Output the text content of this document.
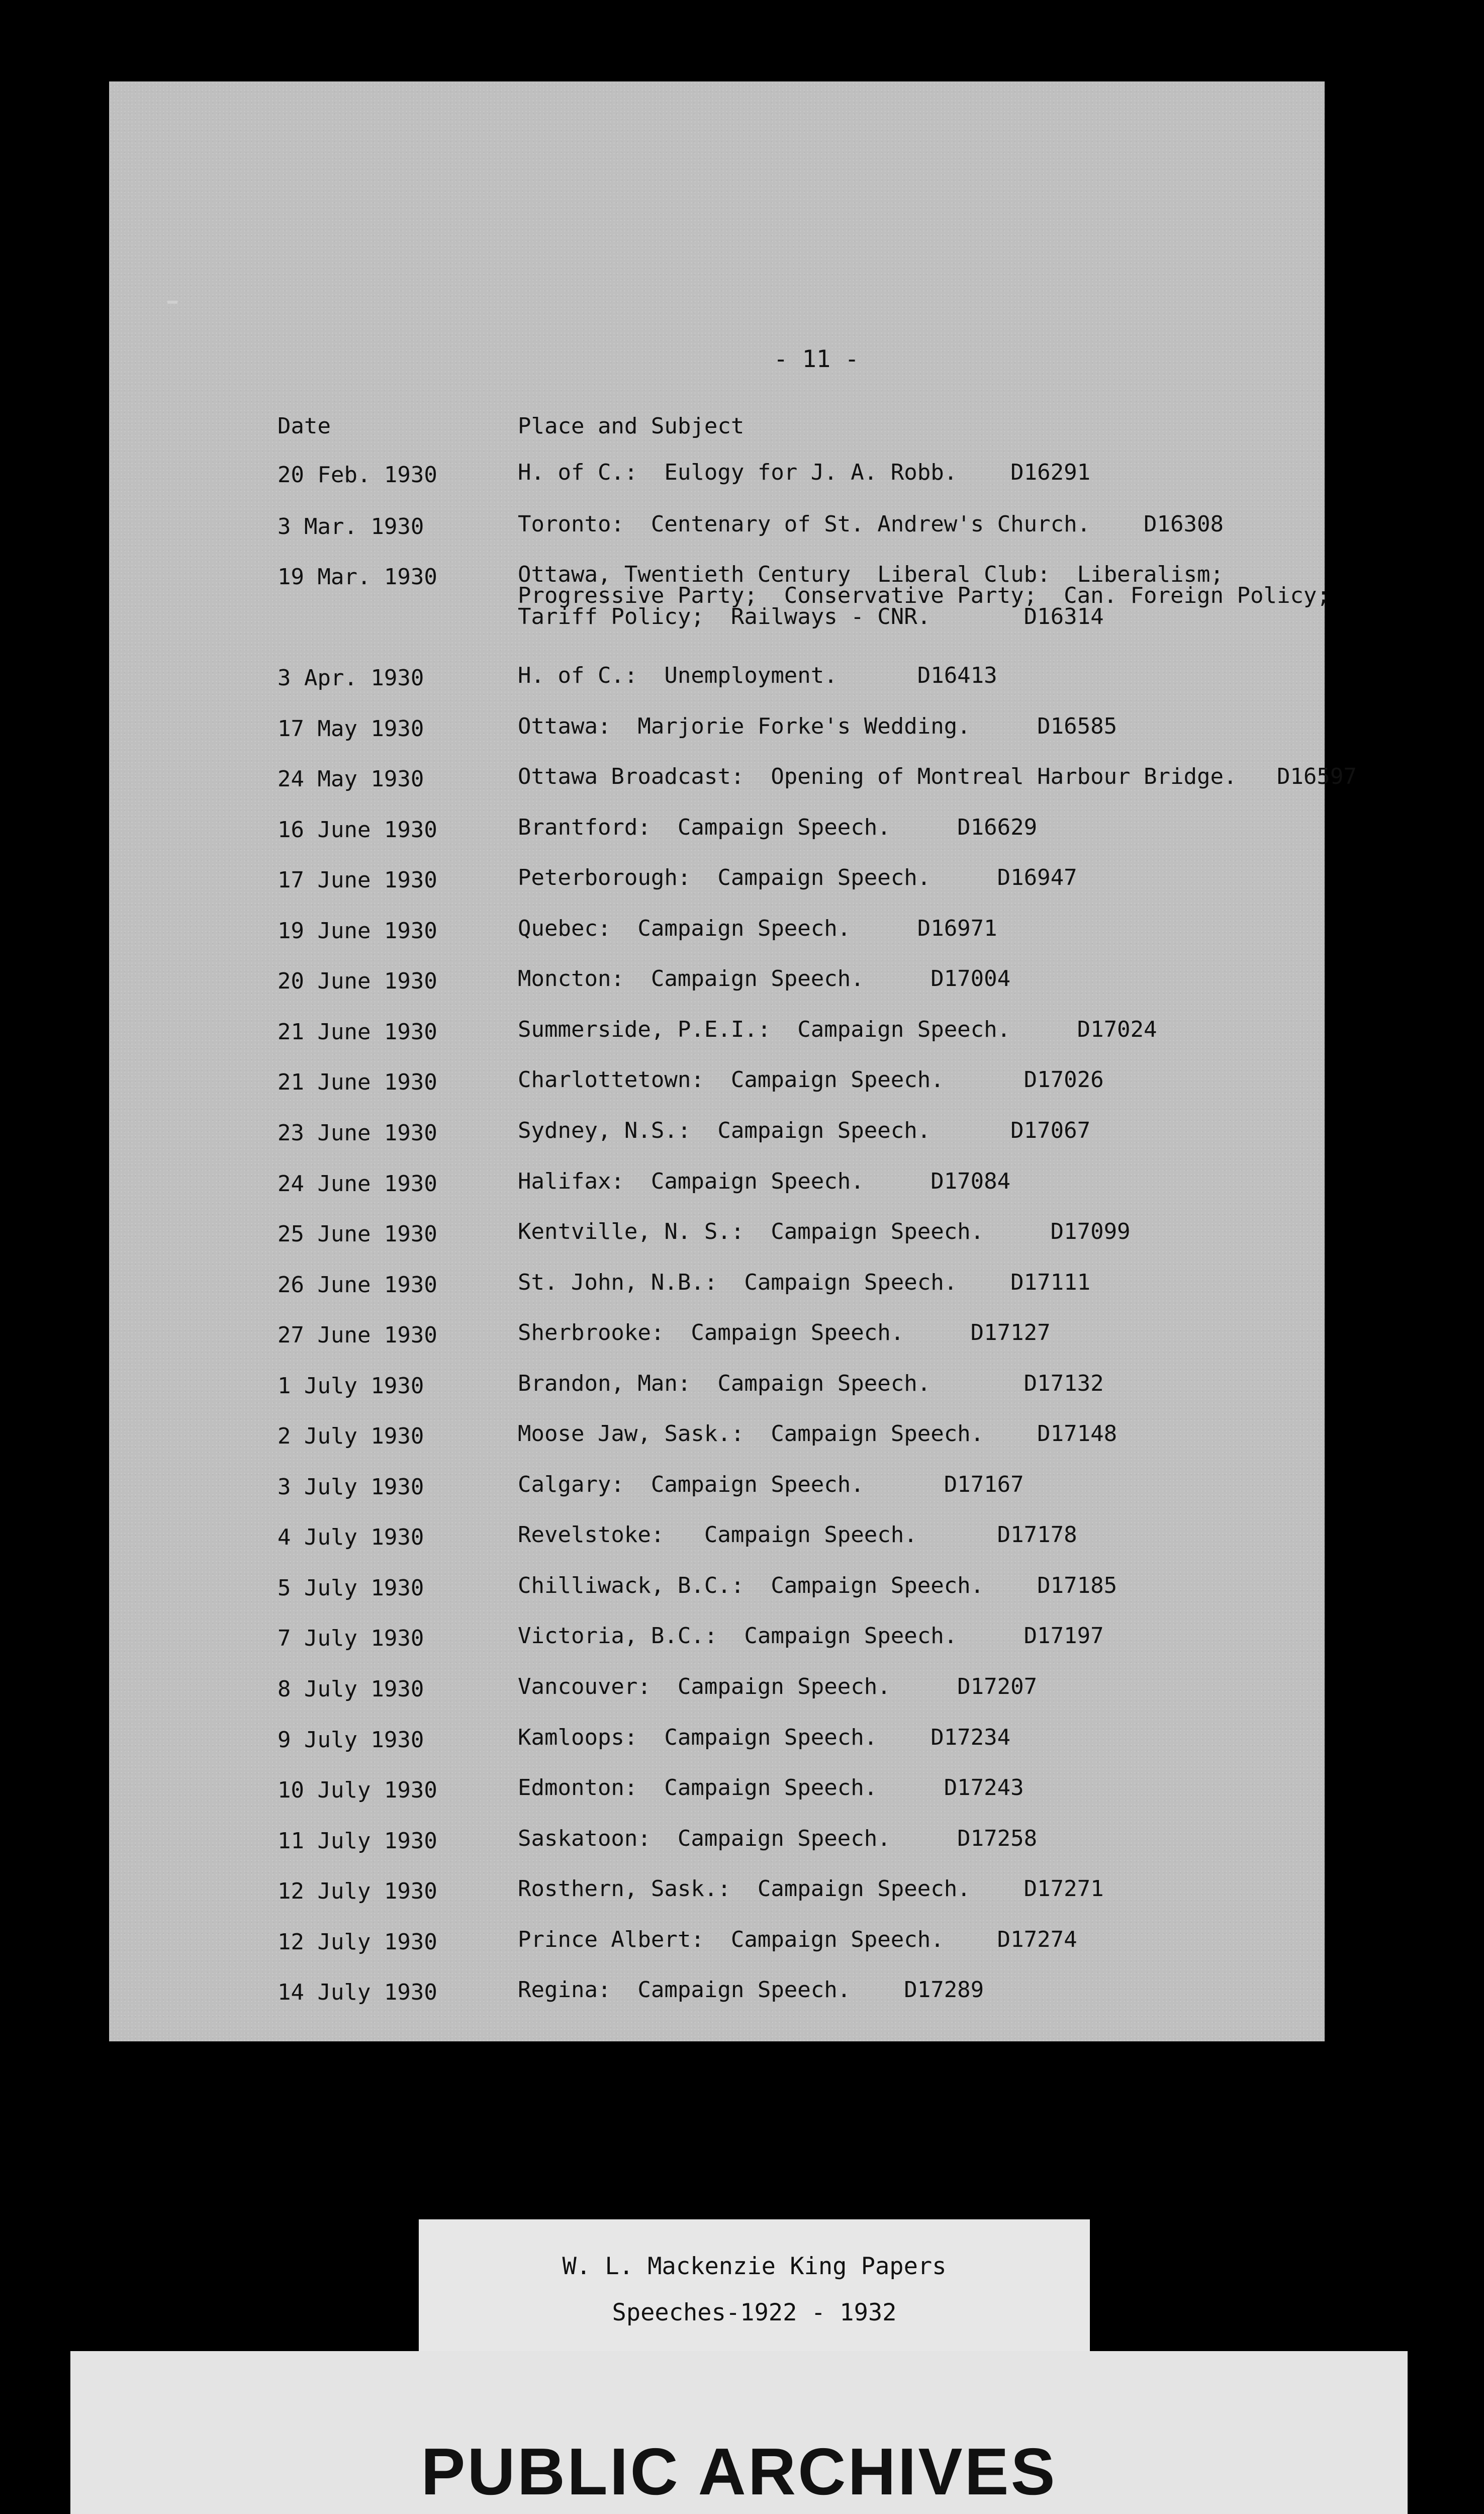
- 11 -
Date	Place and Subject
20 Feb. 1930	H. of C.:  Eulogy for J. A. Robb.    D16291
3 Mar. 1930	Toronto:  Centenary of St. Andrew's Church.    D16308
19 Mar. 1930	Ottawa, Twentieth Century  Liberal Club:  Liberalism;
Progressive Party;  Conservative Party;  Can. Foreign Policy;
Tariff Policy;  Railways - CNR.       D16314
3 Apr. 1930	H. of C.:  Unemployment.      D16413
17 May 1930	Ottawa:  Marjorie Forke's Wedding.     D16585
24 May 1930	Ottawa Broadcast:  Opening of Montreal Harbour Bridge.   D16597
16 June 1930	Brantford:  Campaign Speech.     D16629
17 June 1930	Peterborough:  Campaign Speech.     D16947
19 June 1930	Quebec:  Campaign Speech.     D16971
20 June 1930	Moncton:  Campaign Speech.     D17004
21 June 1930	Summerside, P.E.I.:  Campaign Speech.     D17024
21 June 1930	Charlottetown:  Campaign Speech.      D17026
23 June 1930	Sydney, N.S.:  Campaign Speech.      D17067
24 June 1930	Halifax:  Campaign Speech.     D17084
25 June 1930	Kentville, N. S.:  Campaign Speech.     D17099
26 June 1930	St. John, N.B.:  Campaign Speech.    D17111
27 June 1930	Sherbrooke:  Campaign Speech.     D17127
1 July 1930	Brandon, Man:  Campaign Speech.       D17132
2 July 1930	Moose Jaw, Sask.:  Campaign Speech.    D17148
3 July 1930	Calgary:  Campaign Speech.      D17167
4 July 1930	Revelstoke:   Campaign Speech.      D17178
5 July 1930	Chilliwack, B.C.:  Campaign Speech.    D17185
7 July 1930	Victoria, B.C.:  Campaign Speech.     D17197
8 July 1930	Vancouver:  Campaign Speech.     D17207
9 July 1930	Kamloops:  Campaign Speech.    D17234
10 July 1930	Edmonton:  Campaign Speech.     D17243
11 July 1930	Saskatoon:  Campaign Speech.     D17258
12 July 1930	Rosthern, Sask.:  Campaign Speech.    D17271
12 July 1930	Prince Albert:  Campaign Speech.    D17274
14 July 1930	Regina:  Campaign Speech.    D17289
W. L. Mackenzie King Papers
Speeches-1922 - 1932
PUBLIC ARCHIVES
